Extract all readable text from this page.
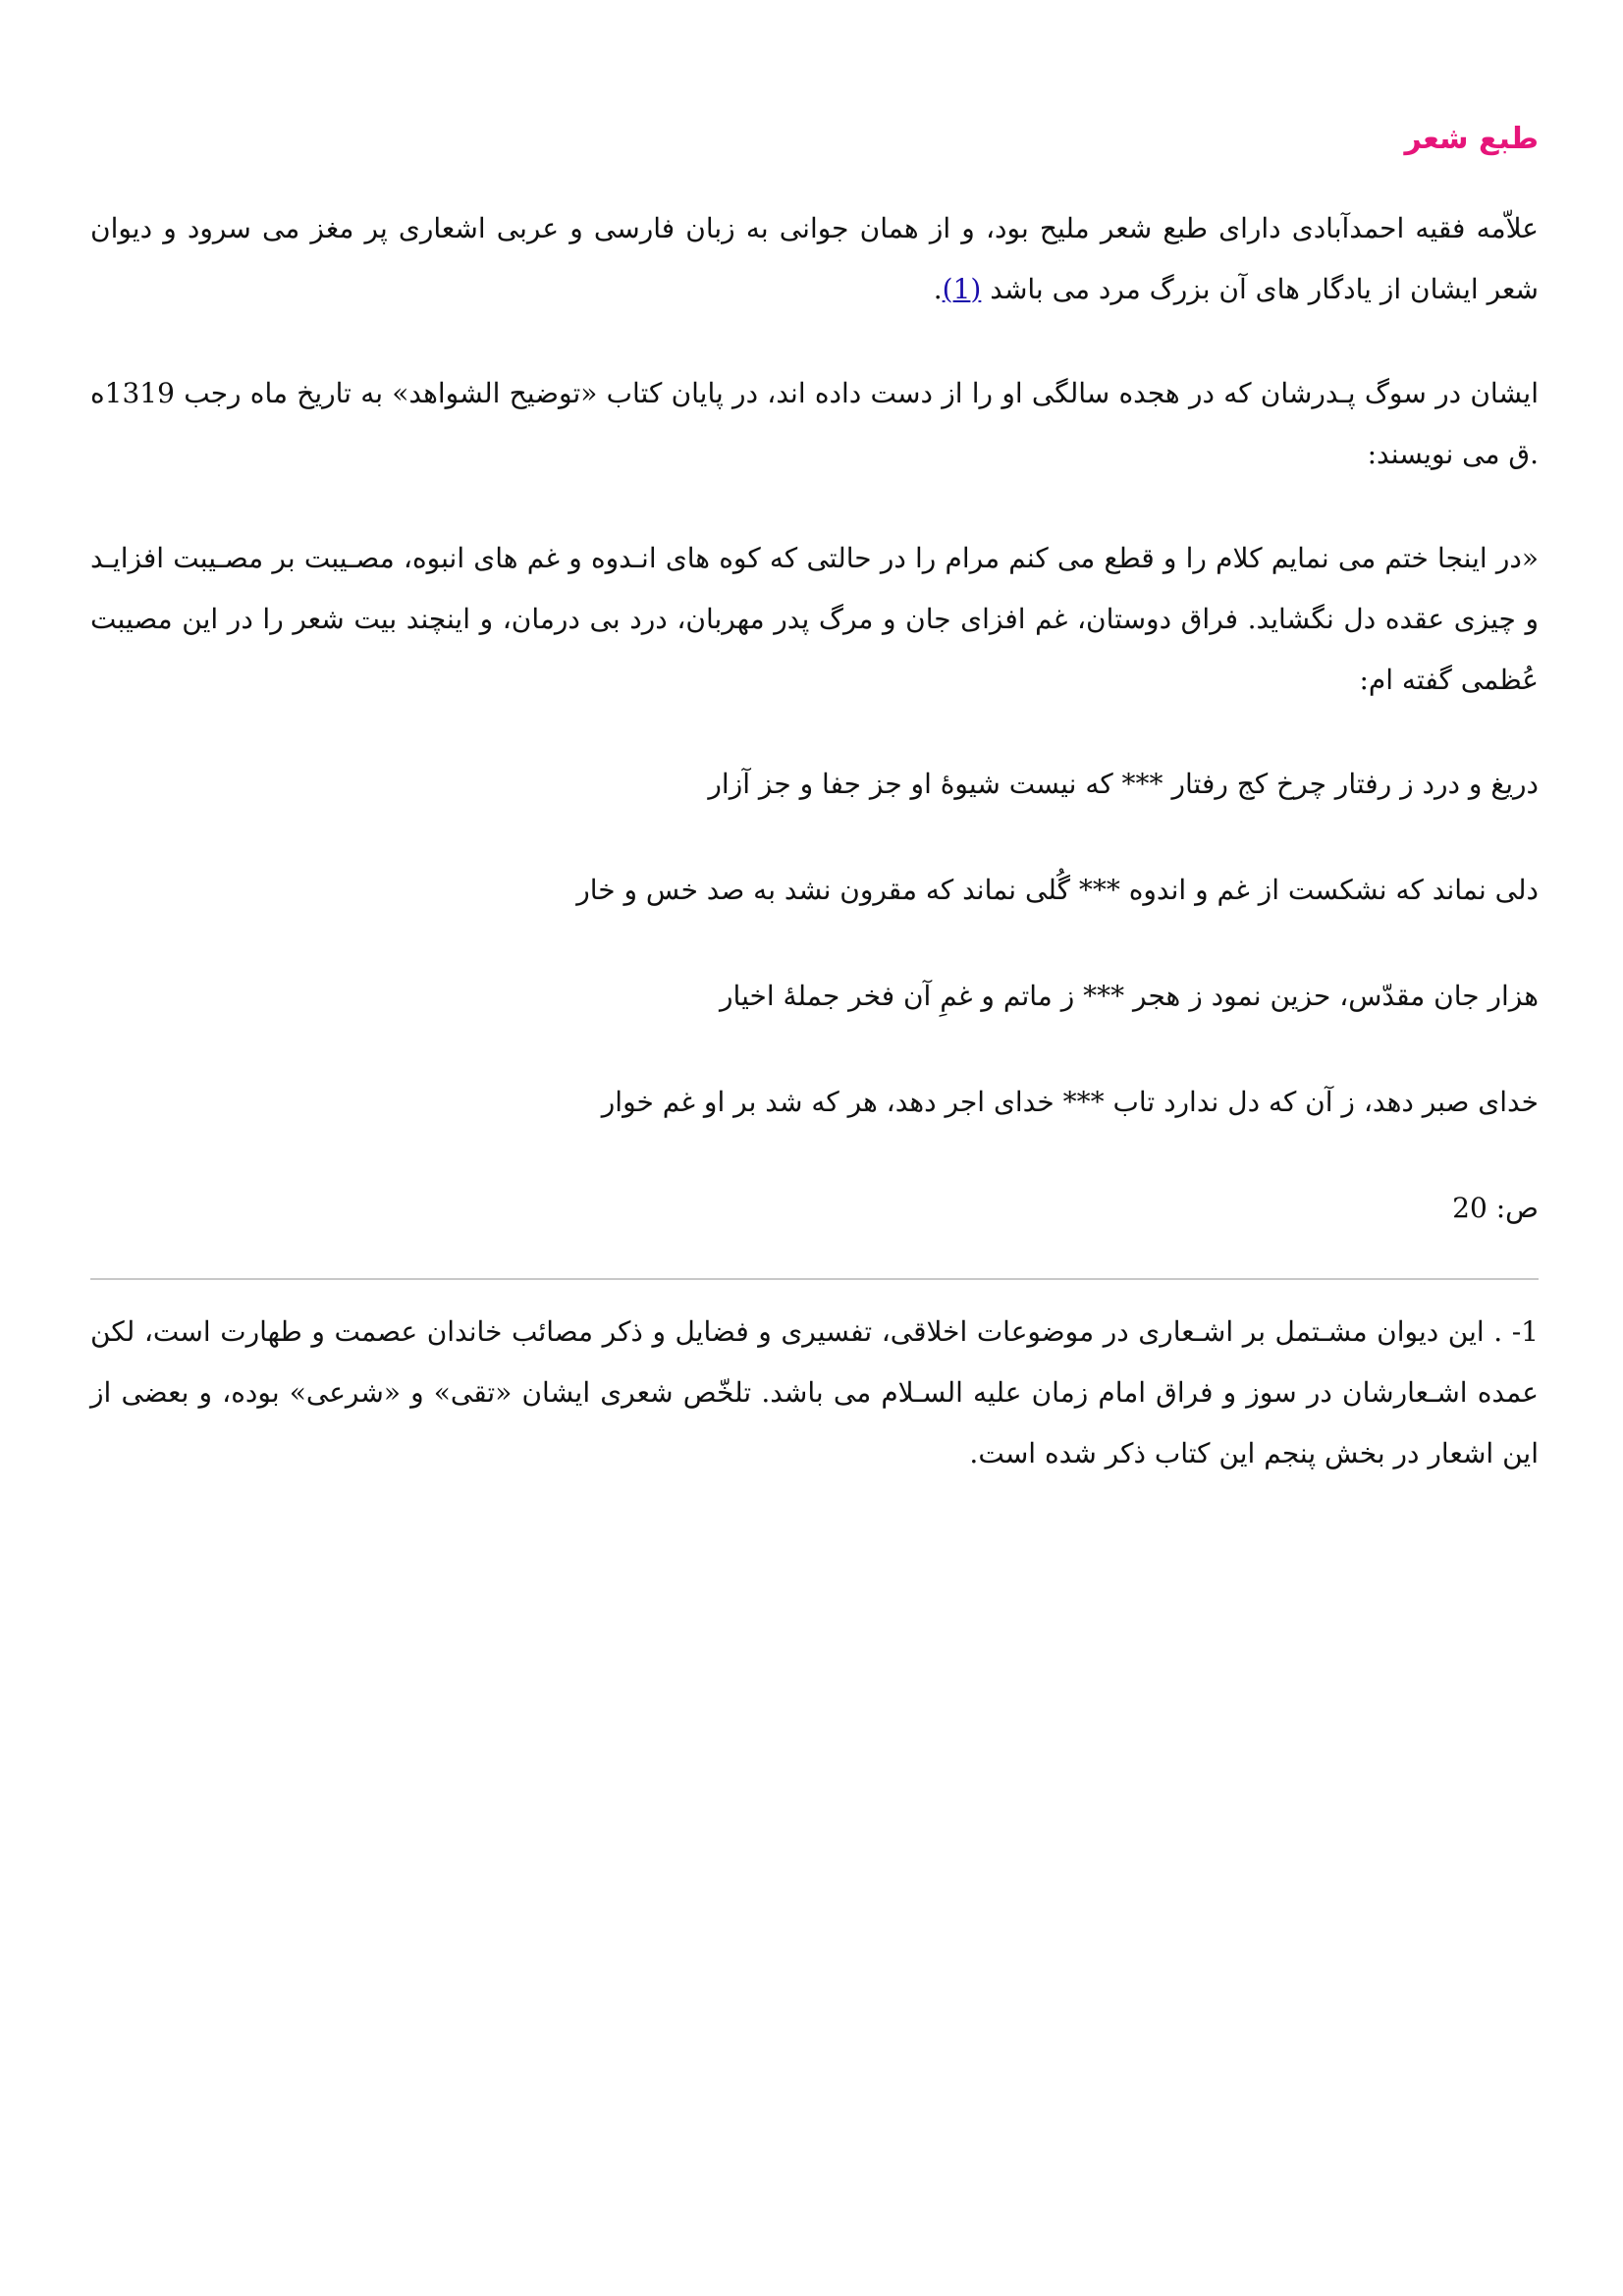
طبع شعر

علاّمه فقیه احمدآبادی دارای طبع شعر ملیح بود، و از همان جوانی به زبان فارسی و عربی اشعاری پر مغز می سرود و دیوان شعر ایشان از یادگار های آن بزرگ مرد می باشد (1).

ایشان در سوگ پـدرشان که در هجده سالگی او را از دست داده اند، در پایان کتاب «توضیح الشواهد» به تاریخ ماه رجب 1319ه .ق می نویسند:

«در اینجا ختم می نمایم کلام را و قطع می کنم مرام را در حالتی که کوه های انـدوه و غم های انبوه، مصـیبت بر مصـیبت افزایـد و چیزی عقده دل نگشاید. فراق دوستان، غم افزای جان و مرگ پدر مهربان، درد بی درمان، و اینچند بیت شعر را در این مصیبت عُظمی گفته ام:

دریغ و درد ز رفتار چرخ کج رفتار *** که نیست شیوهٔ او جز جفا و جز آزار

دلی نماند که نشکست از غم و اندوه *** گُلی نماند که مقرون نشد به صد خس و خار

هزار جان مقدّس، حزین نمود ز هجر *** ز ماتم و غمِ آن فخر جملهٔ اخیار

خدای صبر دهد، ز آن که دل ندارد تاب *** خدای اجر دهد، هر که شد بر او غم خوار

ص: 20

1- . این دیوان مشـتمل بر اشـعاری در موضوعات اخلاقی، تفسیری و فضایل و ذکر مصائب خاندان عصمت و طهارت است، لکن عمده اشـعارشان در سوز و فراق امام زمان علیه السـلام می باشد. تلخّص شعری ایشان «تقی» و «شرعی» بوده، و بعضی از این اشعار در بخش پنجم این کتاب ذکر شده است.
